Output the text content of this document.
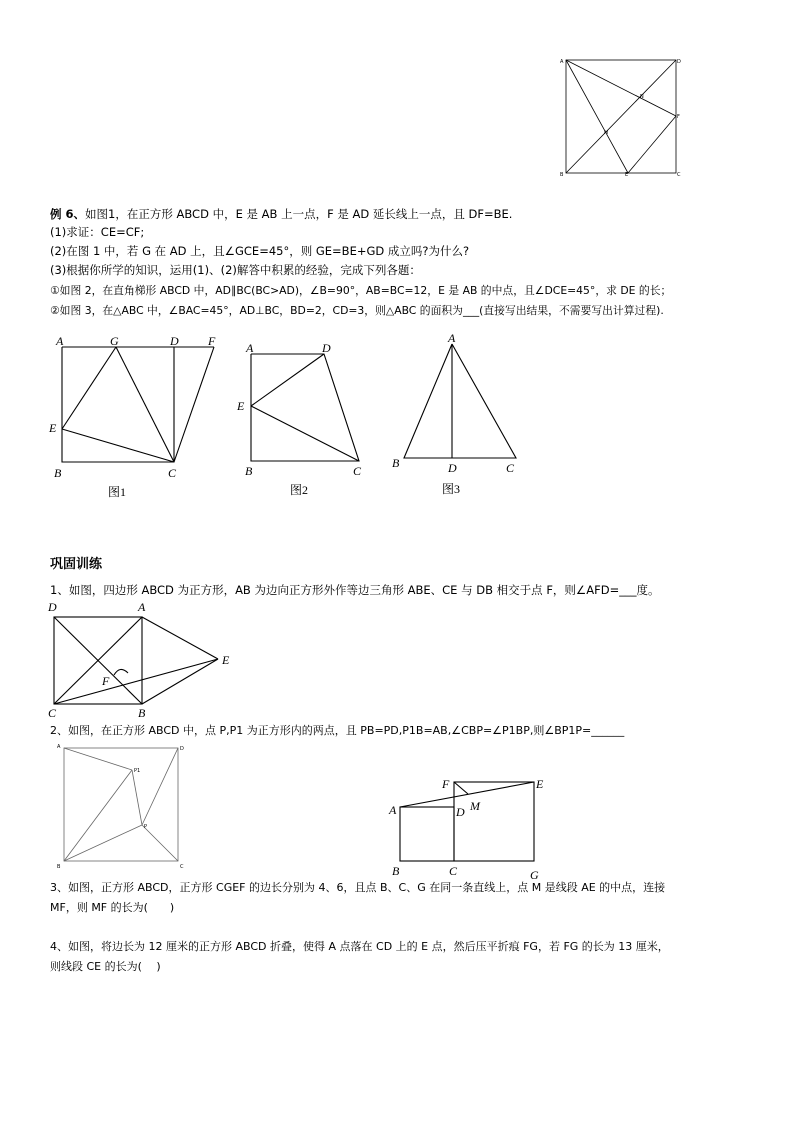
A	D
N
F
M
B	E	C
例 6、如图1，在正方形 ABCD 中，E 是 AB 上一点，F 是 AD 延长线上一点，且 DF=BE.
(1)求证：CE=CF;
(2)在图 1 中，若 G 在 AD 上，且∠GCE=45°，则 GE=BE+GD 成立吗?为什么?
(3)根据你所学的知识，运用(1)、(2)解答中积累的经验，完成下列各题：
①如图 2，在直角梯形 ABCD 中，AD∥BC(BC>AD)，∠B=90°，AB=BC=12，E 是 AB 的中点，且∠DCE=45°，求 DE 的长；
②如图 3，在△ABC 中，∠BAC=45°，AD⊥BC，BD=2，CD=3，则△ABC 的面积为___(直接写出结果，不需要写出计算过程).
A	G	D F
E
B	C
图1
A	D
E
B	C
图2
A
B	D	C
图3
巩固训练
1、如图，四边形 ABCD 为正方形，AB 为边向正方形外作等边三角形 ABE、CE 与 DB 相交于点 F，则∠AFD=___度。
D	A
E
F
C	B
2、如图，在正方形 ABCD 中，点 P,P1 为正方形内的两点，且 PB=PD,P1B=AB,∠CBP=∠P1BP,则∠BP1P=______
A	D
P1
P
B	C
F	E
A	D M
B	C	G
3、如图，正方形 ABCD，正方形 CGEF 的边长分别为 4、6，且点 B、C、G 在同一条直线上，点 M 是线段 AE 的中点，连接
MF，则 MF 的长为(　　)
4、如图，将边长为 12 厘米的正方形 ABCD 折叠，使得 A 点落在 CD 上的 E 点，然后压平折痕 FG，若 FG 的长为 13 厘米，
则线段 CE 的长为(　 )
